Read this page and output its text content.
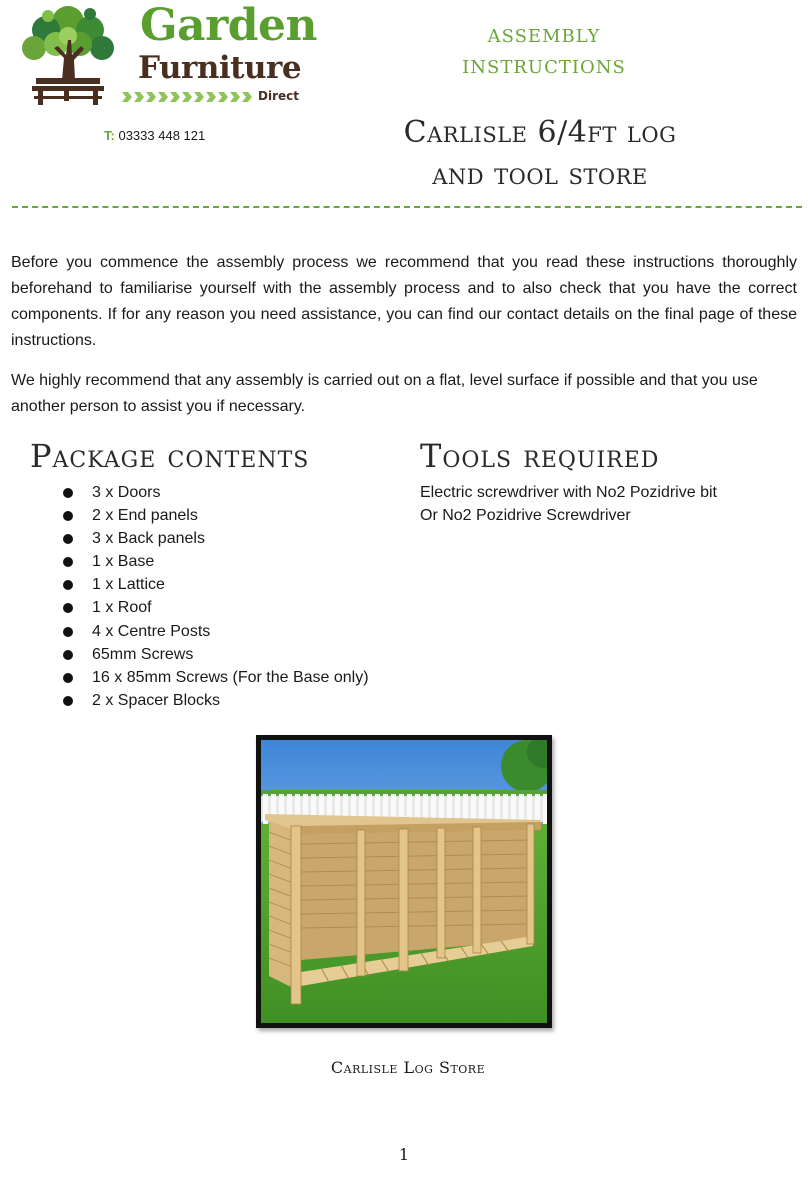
Garden
Furniture
Direct
T: 03333 448 121
assembly
instructions
Carlisle 6/4ft log
and tool store

Before you commence the assembly process we recommend that you read these instructions thoroughly beforehand to familiarise yourself with the assembly process and to also check that you have the correct components. If for any reason you need assistance, you can find our contact details on the final page of these instructions.

We highly recommend that any assembly is carried out on a flat, level surface if possible and that you use another person to assist you if necessary.

Package contents	Tools required
3 x Doors
2 x End panels
3 x Back panels
1 x Base
1 x Lattice
1 x Roof
4 x Centre Posts
65mm Screws
16 x 85mm Screws (For the Base only)
2 x Spacer Blocks
Electric screwdriver with No2 Pozidrive bit
Or No2 Pozidrive Screwdriver
Carlisle Log Store
1
